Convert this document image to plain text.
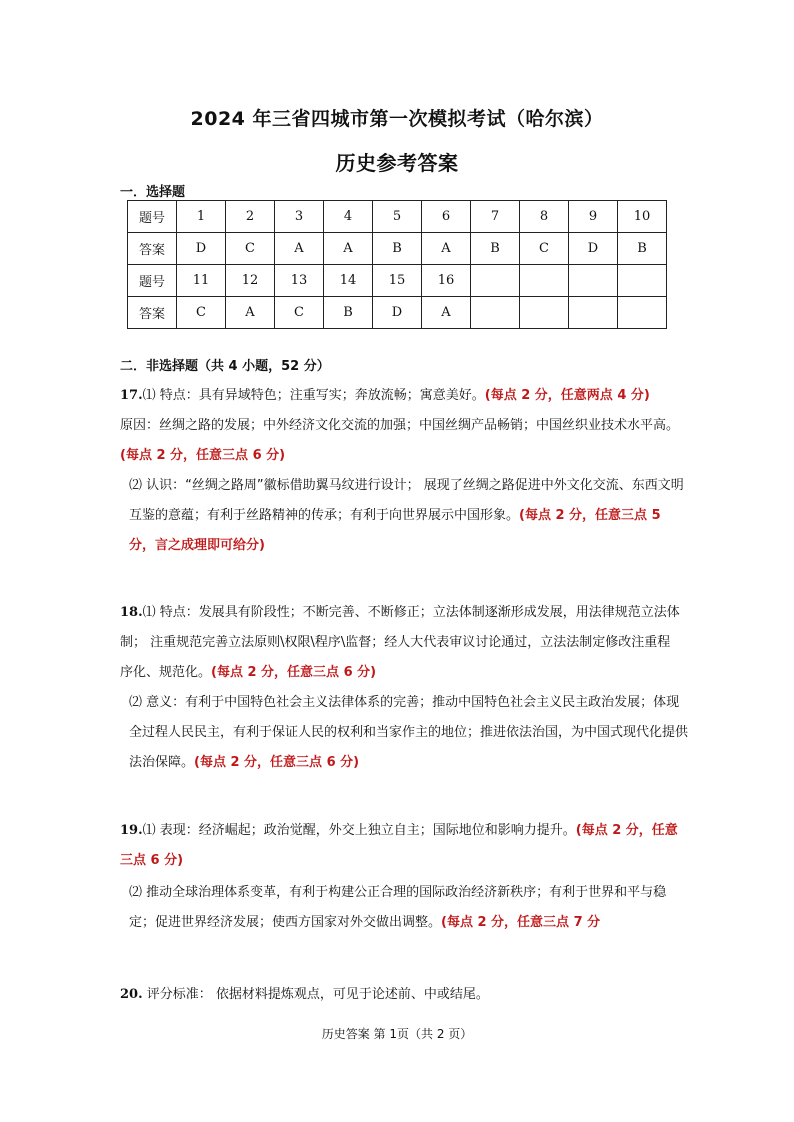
2024 年三省四城市第一次模拟考试（哈尔滨）
历史参考答案
一．选择题
题号	1	2	3	4	5	6	7	8	9	10
答案	D	C	A	A	B	A	B	C	D	B
题号	11	12	13	14	15	16				
答案	C	A	C	B	D	A				
二．非选择题（共 4 小题，52 分）

17.⑴ 特点：具有异域特色；注重写实；奔放流畅；寓意美好。(每点 2 分，任意两点 4 分)
原因：丝绸之路的发展；中外经济文化交流的加强；中国丝绸产品畅销；中国丝织业技术水平高。(每点 2 分，任意三点 6 分)

⑵ 认识：“丝绸之路周”徽标借助翼马纹进行设计； 展现了丝绸之路促进中外文化交流、东西文明互鉴的意蕴；有利于丝路精神的传承；有利于向世界展示中国形象。(每点 2 分，任意三点 5 分，言之成理即可给分)

18.⑴ 特点：发展具有阶段性；不断完善、不断修正；立法体制逐渐形成发展，用法律规范立法体制； 注重规范完善立法原则\权限\程序\监督；经人大代表审议讨论通过，立法法制定修改注重程序化、规范化。(每点 2 分，任意三点 6 分)

⑵ 意义：有利于中国特色社会主义法律体系的完善；推动中国特色社会主义民主政治发展；体现全过程人民民主，有利于保证人民的权利和当家作主的地位；推进依法治国，为中国式现代化提供法治保障。(每点 2 分，任意三点 6 分)

19.⑴ 表现：经济崛起；政治觉醒，外交上独立自主；国际地位和影响力提升。(每点 2 分，任意三点 6 分)

⑵ 推动全球治理体系变革，有利于构建公正合理的国际政治经济新秩序；有利于世界和平与稳定；促进世界经济发展；使西方国家对外交做出调整。(每点 2 分，任意三点 7 分

20. 评分标准： 依据材料提炼观点，可见于论述前、中或结尾。

历史答案 第 1页（共 2 页）
